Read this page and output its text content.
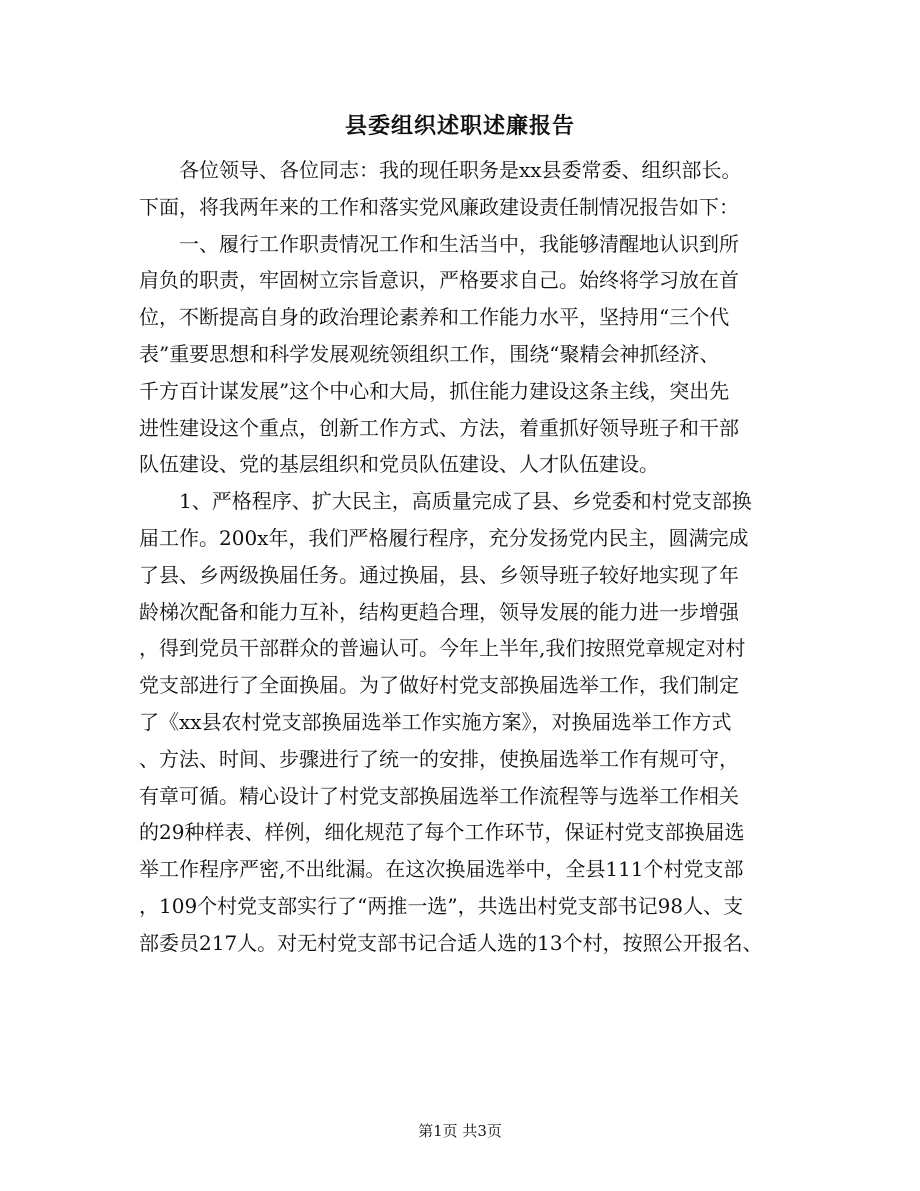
县委组织述职述廉报告
各位领导、各位同志：我的现任职务是xx县委常委、组织部长。
下面，将我两年来的工作和落实党风廉政建设责任制情况报告如下：
一、履行工作职责情况工作和生活当中，我能够清醒地认识到所
肩负的职责，牢固树立宗旨意识，严格要求自己。始终将学习放在首
位，不断提高自身的政治理论素养和工作能力水平，坚持用“三个代
表”重要思想和科学发展观统领组织工作，围绕“聚精会神抓经济、
千方百计谋发展”这个中心和大局，抓住能力建设这条主线，突出先
进性建设这个重点，创新工作方式、方法，着重抓好领导班子和干部
队伍建设、党的基层组织和党员队伍建设、人才队伍建设。
1、严格程序、扩大民主，高质量完成了县、乡党委和村党支部换
届工作。200x年，我们严格履行程序，充分发扬党内民主，圆满完成
了县、乡两级换届任务。通过换届，县、乡领导班子较好地实现了年
龄梯次配备和能力互补，结构更趋合理，领导发展的能力进一步增强
，得到党员干部群众的普遍认可。今年上半年,我们按照党章规定对村
党支部进行了全面换届。为了做好村党支部换届选举工作，我们制定
了《xx县农村党支部换届选举工作实施方案》，对换届选举工作方式
、方法、时间、步骤进行了统一的安排，使换届选举工作有规可守，
有章可循。精心设计了村党支部换届选举工作流程等与选举工作相关
的29种样表、样例，细化规范了每个工作环节，保证村党支部换届选
举工作程序严密,不出纰漏。在这次换届选举中，全县111个村党支部
，109个村党支部实行了“两推一选”，共选出村党支部书记98人、支
部委员217人。对无村党支部书记合适人选的13个村，按照公开报名、
第1页 共3页
